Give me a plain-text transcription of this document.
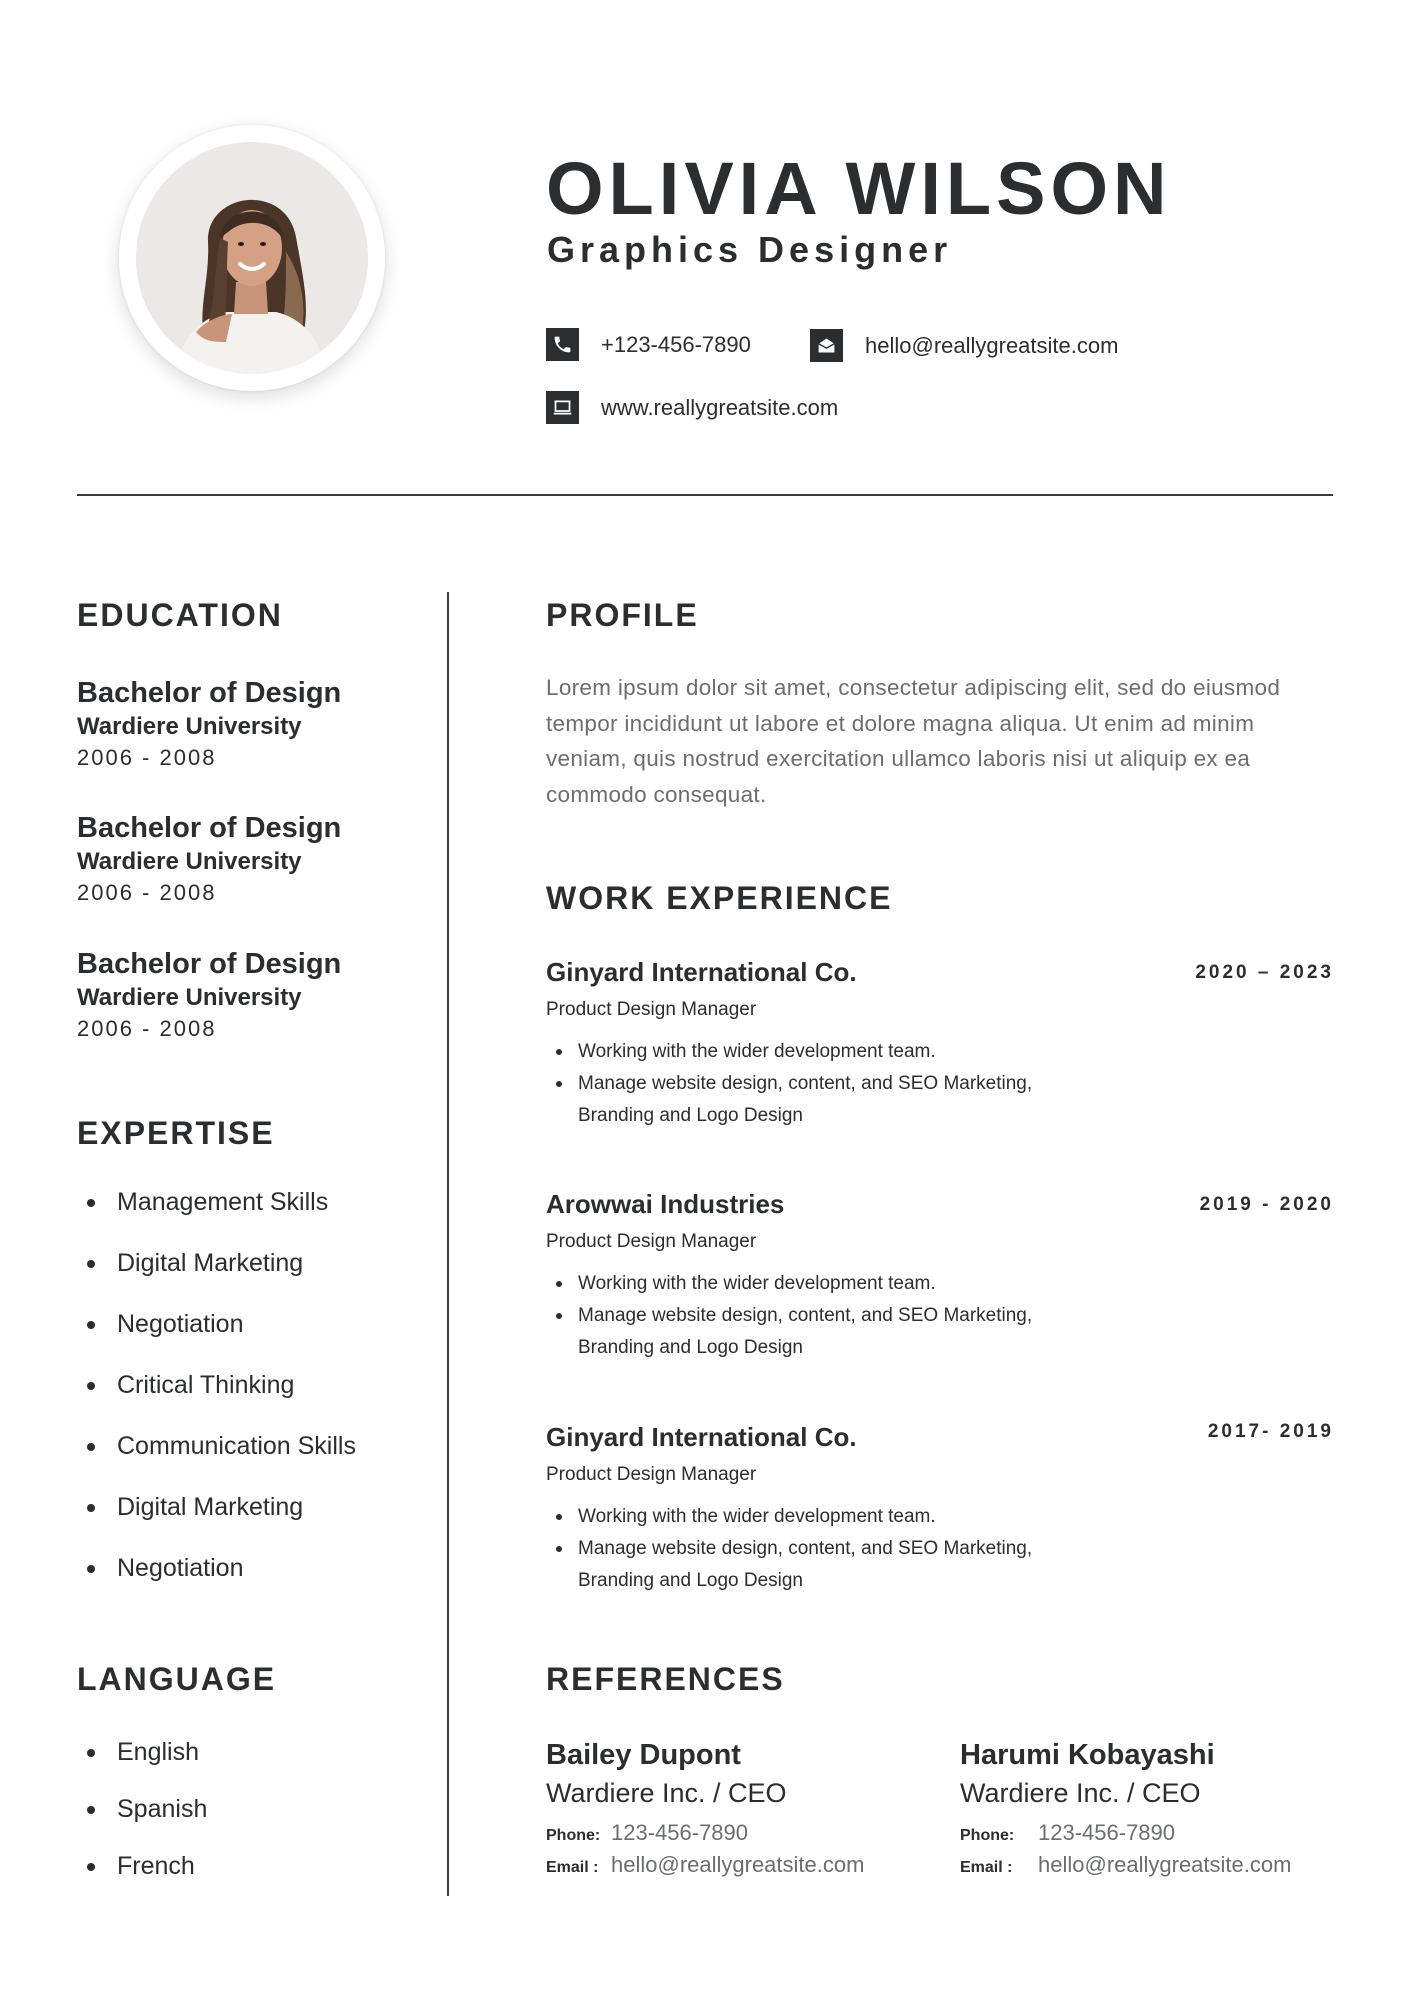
OLIVIA WILSON
Graphics Designer
+123-456-7890	hello@reallygreatsite.com
www.reallygreatsite.com
EDUCATION
Bachelor of Design
Wardiere University
2006 - 2008
Bachelor of Design
Wardiere University
2006 - 2008
Bachelor of Design
Wardiere University
2006 - 2008
EXPERTISE
Management Skills
Digital Marketing
Negotiation
Critical Thinking
Communication Skills
Digital Marketing
Negotiation
LANGUAGE
English
Spanish
French
PROFILE

Lorem ipsum dolor sit amet, consectetur adipiscing elit, sed do eiusmod tempor incididunt ut labore et dolore magna aliqua. Ut enim ad minim veniam, quis nostrud exercitation ullamco laboris nisi ut aliquip ex ea commodo consequat.

WORK EXPERIENCE
Ginyard International Co.	2020 – 2023
Product Design Manager
Working with the wider development team.
Manage website design, content, and SEO Marketing,
Branding and Logo Design
Arowwai Industries	2019 - 2020
Product Design Manager
Working with the wider development team.
Manage website design, content, and SEO Marketing,
Branding and Logo Design
Ginyard International Co.	2017- 2019
Product Design Manager
Working with the wider development team.
Manage website design, content, and SEO Marketing,
Branding and Logo Design
REFERENCES
Bailey Dupont
Wardiere Inc. / CEO
Phone: 123-456-7890
Email : hello@reallygreatsite.com
Harumi Kobayashi
Wardiere Inc. / CEO
Phone:	123-456-7890
Email :	hello@reallygreatsite.com
